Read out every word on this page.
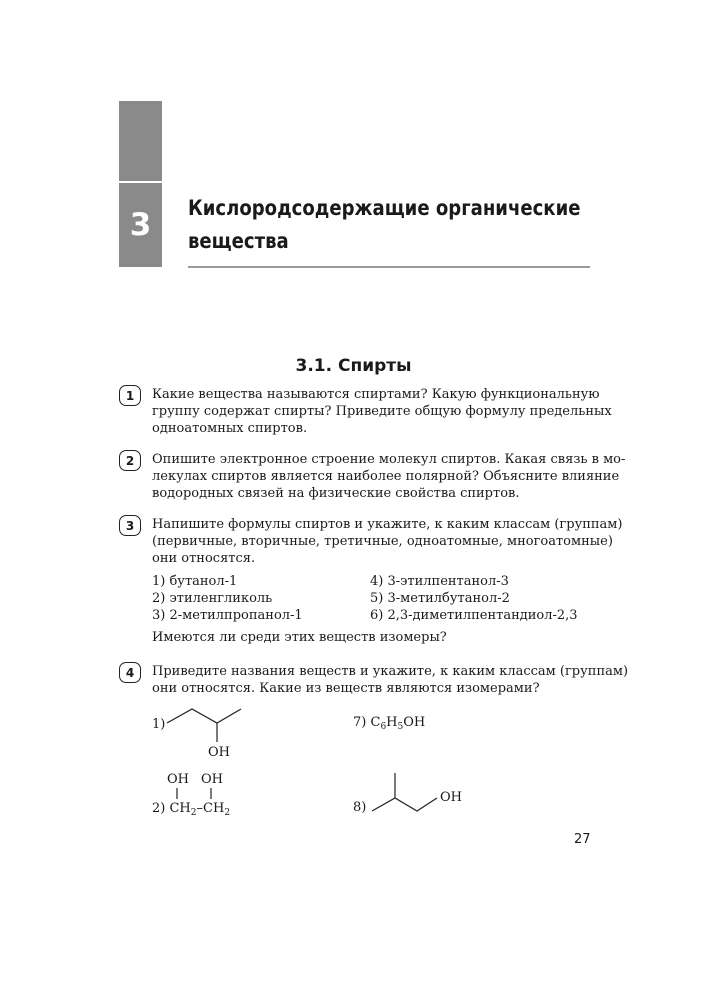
3	Кислородсодержащие органические
вещества
3.1. Спирты
1	Какие вещества называются спиртами? Какую функциональную
группу содержат спирты? Приведите общую формулу предельных
одноатомных спиртов.
2	Опишите электронное строение молекул спиртов. Какая связь в мо-
лекулах спиртов является наиболее полярной? Объясните влияние
водородных связей на физические свойства спиртов.
3	Напишите формулы спиртов и укажите, к каким классам (группам)
(первичные, вторичные, третичные, одноатомные, многоатомные)
они относятся.
1) бутанол-1
2) этиленгликоль
3) 2-метилпропанол-1
4) 3-этилпентанол-3
5) 3-метилбутанол-2
6) 2,3-диметилпентандиол-2,3
Имеются ли среди этих веществ изомеры?
4	Приведите названия веществ и укажите, к каким классам (группам)
они относятся. Какие из веществ являются изомерами?
1)
OH
7) $C_6H_5OH$
OH OH
2) $CH_2-CH_2$	8)
OH
27
